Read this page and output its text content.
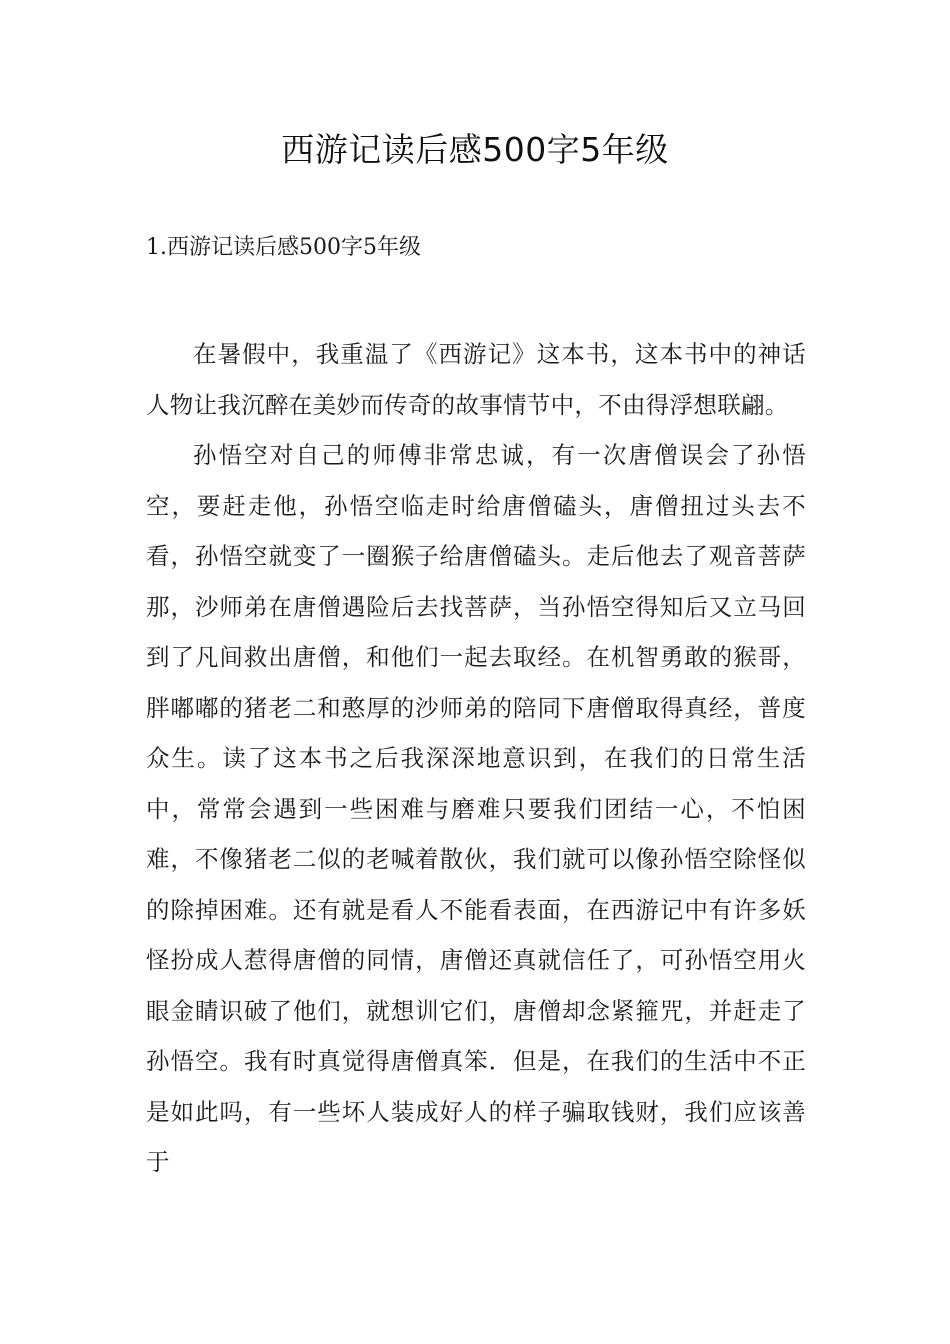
西游记读后感500字5年级
1.西游记读后感500字5年级

在暑假中，我重温了《西游记》这本书，这本书中的神话人物让我沉醉在美妙而传奇的故事情节中，不由得浮想联翩。

孙悟空对自己的师傅非常忠诚，有一次唐僧误会了孙悟空，要赶走他，孙悟空临走时给唐僧磕头，唐僧扭过头去不看，孙悟空就变了一圈猴子给唐僧磕头。走后他去了观音菩萨那，沙师弟在唐僧遇险后去找菩萨，当孙悟空得知后又立马回到了凡间救出唐僧，和他们一起去取经。在机智勇敢的猴哥，胖嘟嘟的猪老二和憨厚的沙师弟的陪同下唐僧取得真经，普度众生。读了这本书之后我深深地意识到，在我们的日常生活中，常常会遇到一些困难与磨难只要我们团结一心，不怕困难，不像猪老二似的老喊着散伙，我们就可以像孙悟空除怪似的除掉困难。还有就是看人不能看表面，在西游记中有许多妖怪扮成人惹得唐僧的同情，唐僧还真就信任了，可孙悟空用火眼金睛识破了他们，就想训它们，唐僧却念紧箍咒，并赶走了孙悟空。我有时真觉得唐僧真笨．但是，在我们的生活中不正是如此吗，有一些坏人装成好人的样子骗取钱财，我们应该善于
